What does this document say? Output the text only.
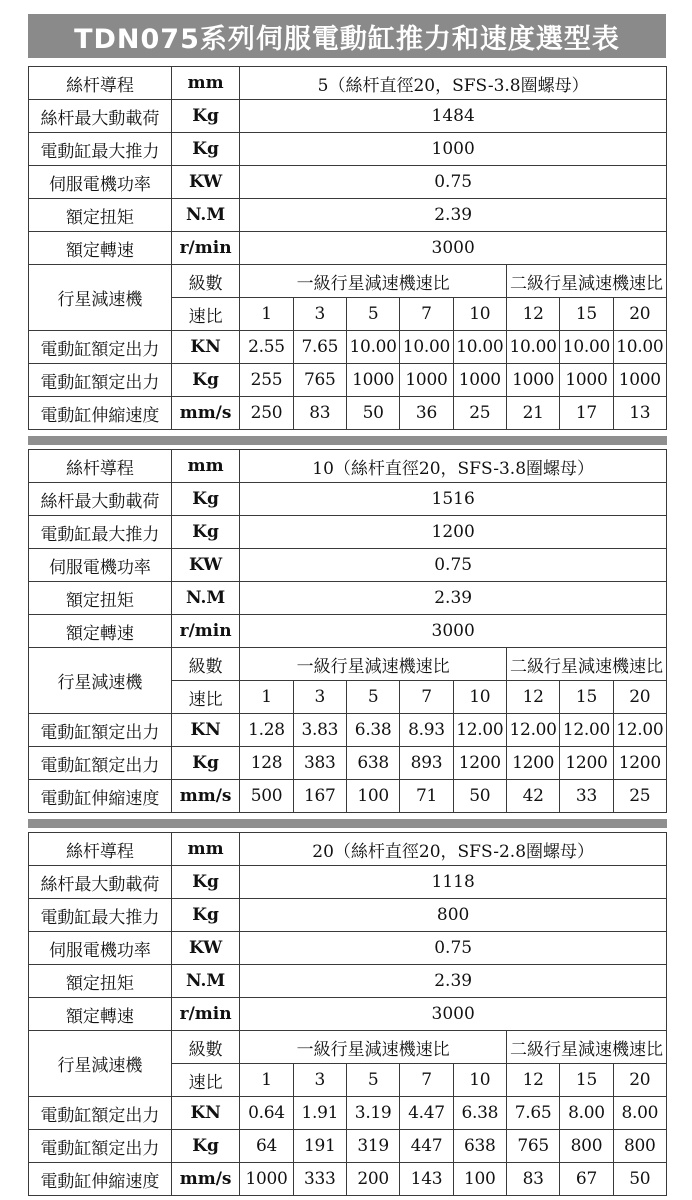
TDN075系列伺服電動缸推力和速度選型表
絲杆導程	mm	5（絲杆直徑20，SFS-3.8圈螺母）							
絲杆最大動載荷	Kg	1484							
電動缸最大推力	Kg	1000							
伺服電機功率	KW	0.75							
額定扭矩	N.M	2.39							
額定轉速	r/min	3000							
行星減速機	級數	一級行星減速機速比					二級行星減速機速比		
	速比	1	3	5	7	10	12	15	20
電動缸額定出力	KN	2.55	7.65	10.00	10.00	10.00	10.00	10.00	10.00
電動缸額定出力	Kg	255	765	1000	1000	1000	1000	1000	1000
電動缸伸縮速度	mm/s	250	83	50	36	25	21	17	13
絲杆導程	mm	10（絲杆直徑20，SFS-3.8圈螺母）							
絲杆最大動載荷	Kg	1516							
電動缸最大推力	Kg	1200							
伺服電機功率	KW	0.75							
額定扭矩	N.M	2.39							
額定轉速	r/min	3000							
行星減速機	級數	一級行星減速機速比					二級行星減速機速比		
	速比	1	3	5	7	10	12	15	20
電動缸額定出力	KN	1.28	3.83	6.38	8.93	12.00	12.00	12.00	12.00
電動缸額定出力	Kg	128	383	638	893	1200	1200	1200	1200
電動缸伸縮速度	mm/s	500	167	100	71	50	42	33	25
絲杆導程	mm	20（絲杆直徑20，SFS-2.8圈螺母）							
絲杆最大動載荷	Kg	1118							
電動缸最大推力	Kg	800							
伺服電機功率	KW	0.75							
額定扭矩	N.M	2.39							
額定轉速	r/min	3000							
行星減速機	級數	一級行星減速機速比					二級行星減速機速比		
	速比	1	3	5	7	10	12	15	20
電動缸額定出力	KN	0.64	1.91	3.19	4.47	6.38	7.65	8.00	8.00
電動缸額定出力	Kg	64	191	319	447	638	765	800	800
電動缸伸縮速度	mm/s	1000	333	200	143	100	83	67	50
